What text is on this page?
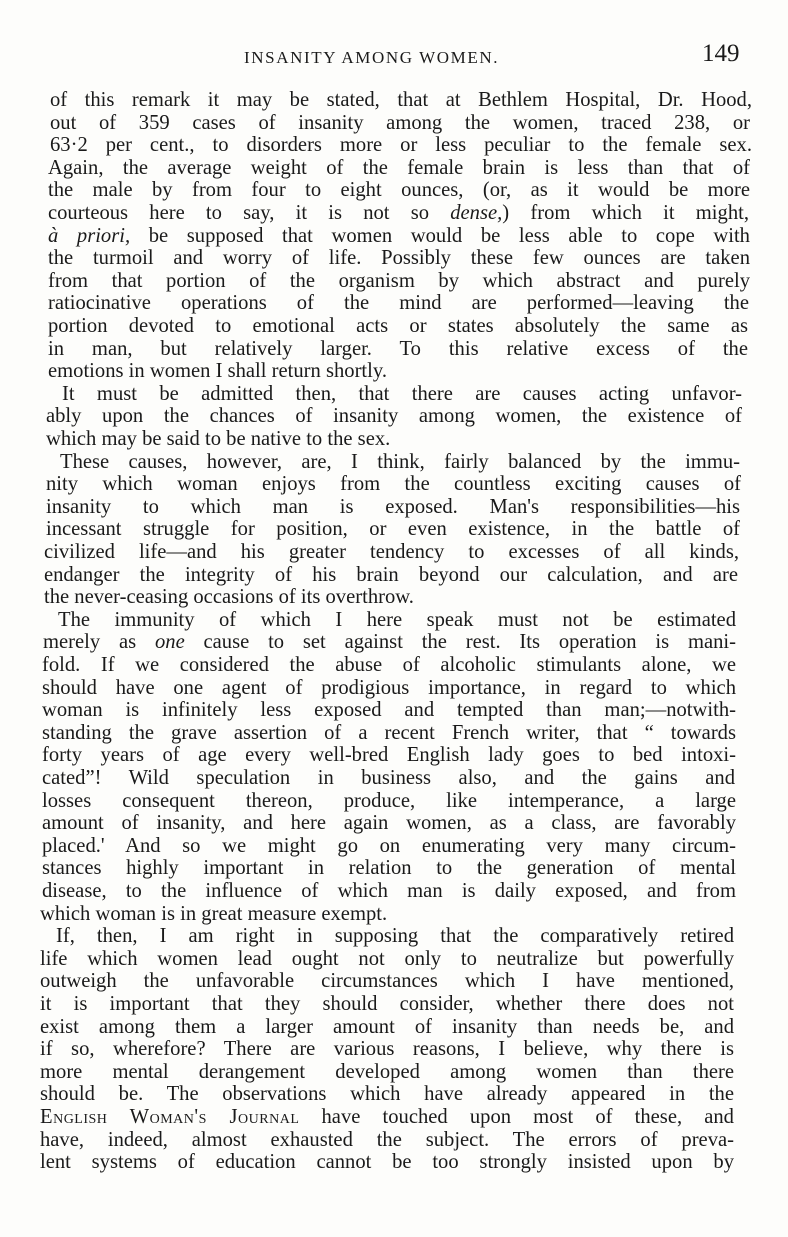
INSANITY AMONG WOMEN.	149
of this remark it may be stated, that at Bethlem Hospital, Dr. Hood,
out of 359 cases of insanity among the women, traced 238, or
63·2 per cent., to disorders more or less peculiar to the female sex.
Again, the average weight of the female brain is less than that of
the male by from four to eight ounces, (or, as it would be more
courteous here to say, it is not so dense,) from which it might,
à priori, be supposed that women would be less able to cope with
the turmoil and worry of life. Possibly these few ounces are taken
from that portion of the organism by which abstract and purely
ratiocinative operations of the mind are performed—leaving the
portion devoted to emotional acts or states absolutely the same as
in man, but relatively larger. To this relative excess of the
emotions in women I shall return shortly.
It must be admitted then, that there are causes acting unfavor-
ably upon the chances of insanity among women, the existence of
which may be said to be native to the sex.
These causes, however, are, I think, fairly balanced by the immu-
nity which woman enjoys from the countless exciting causes of
insanity to which man is exposed. Man's responsibilities—his
incessant struggle for position, or even existence, in the battle of
civilized life—and his greater tendency to excesses of all kinds,
endanger the integrity of his brain beyond our calculation, and are
the never-ceasing occasions of its overthrow.
The immunity of which I here speak must not be estimated
merely as one cause to set against the rest. Its operation is mani-
fold. If we considered the abuse of alcoholic stimulants alone, we
should have one agent of prodigious importance, in regard to which
woman is infinitely less exposed and tempted than man;—notwith-
standing the grave assertion of a recent French writer, that “ towards
forty years of age every well-bred English lady goes to bed intoxi-
cated”! Wild speculation in business also, and the gains and
losses consequent thereon, produce, like intemperance, a large
amount of insanity, and here again women, as a class, are favorably
placed.' And so we might go on enumerating very many circum-
stances highly important in relation to the generation of mental
disease, to the influence of which man is daily exposed, and from
which woman is in great measure exempt.
If, then, I am right in supposing that the comparatively retired
life which women lead ought not only to neutralize but powerfully
outweigh the unfavorable circumstances which I have mentioned,
it is important that they should consider, whether there does not
exist among them a larger amount of insanity than needs be, and
if so, wherefore? There are various reasons, I believe, why there is
more mental derangement developed among women than there
should be. The observations which have already appeared in the
English Woman's Journal have touched upon most of these, and
have, indeed, almost exhausted the subject. The errors of preva-
lent systems of education cannot be too strongly insisted upon by
